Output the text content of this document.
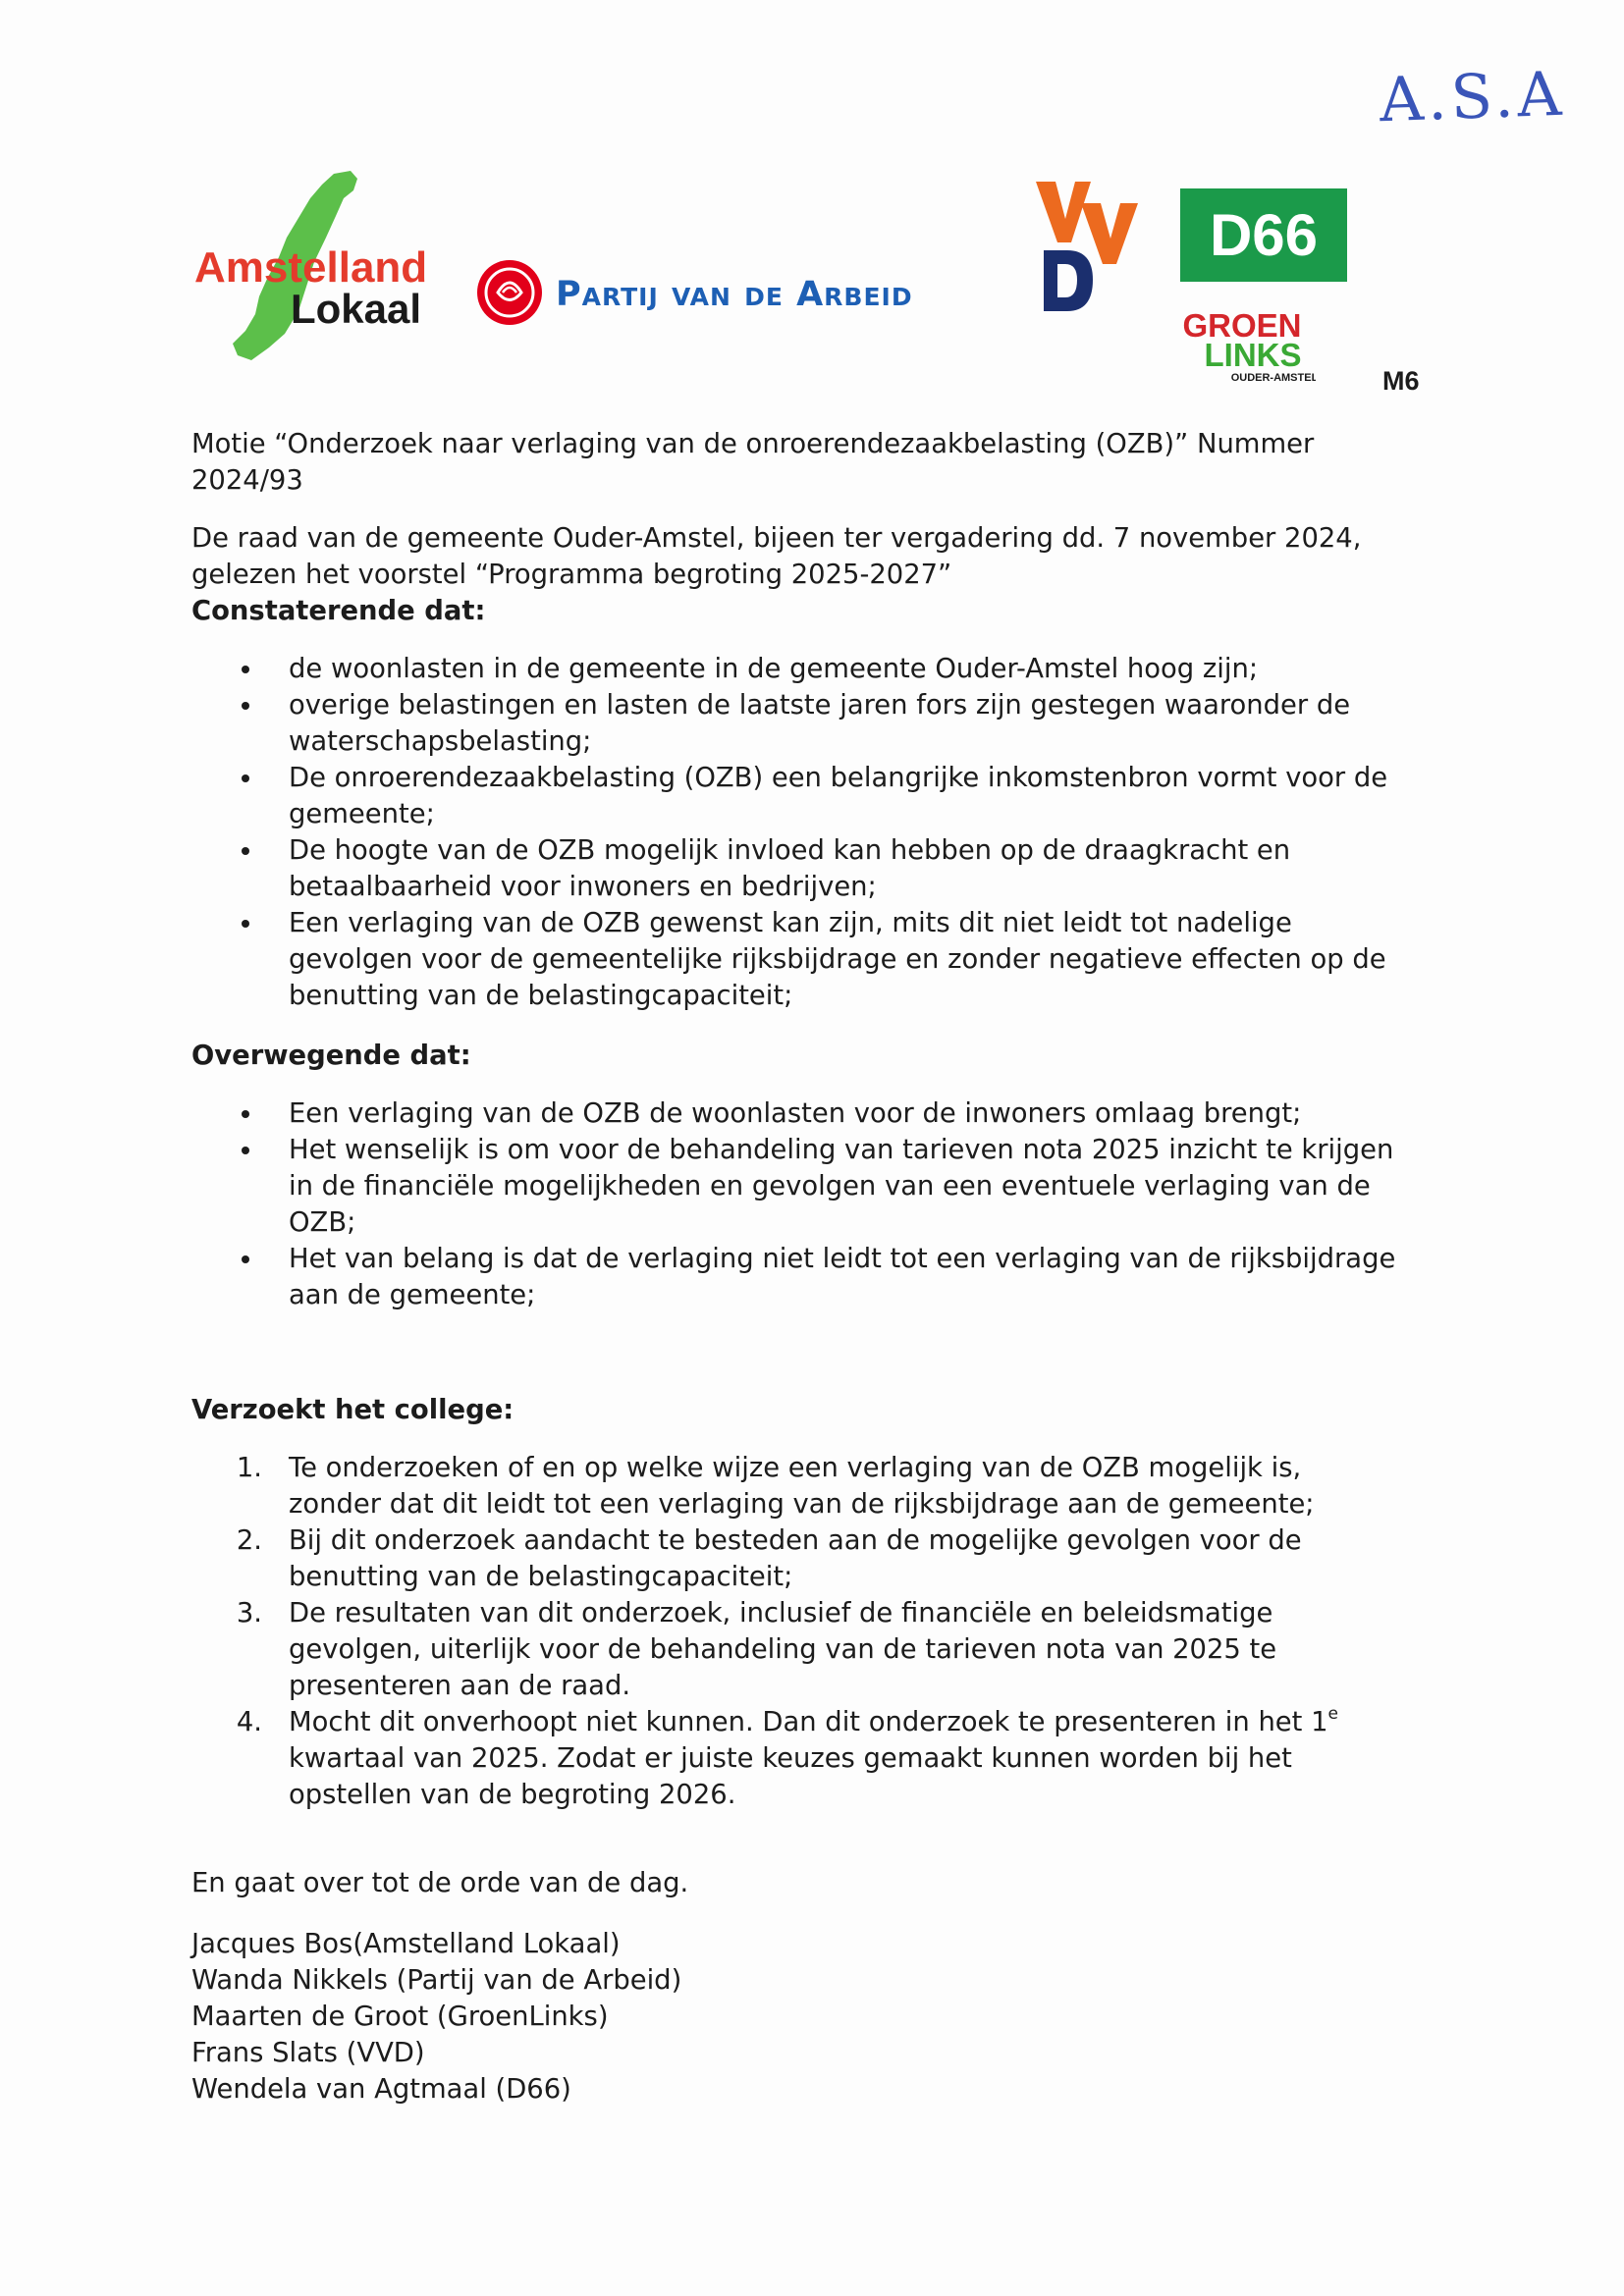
A.S.A
Amstelland
Lokaal	Partij van de Arbeid
D66
GROEN
LINKS
OUDER-AMSTEL M6
Motie “Onderzoek naar verlaging van de onroerendezaakbelasting (OZB)” Nummer
2024/93
De raad van de gemeente Ouder-Amstel, bijeen ter vergadering dd. 7 november 2024,
gelezen het voorstel “Programma begroting 2025-2027”
Constaterende dat:
de woonlasten in de gemeente in de gemeente Ouder-Amstel hoog zijn;
overige belastingen en lasten de laatste jaren fors zijn gestegen waaronder de
waterschapsbelasting;
De onroerendezaakbelasting (OZB) een belangrijke inkomstenbron vormt voor de
gemeente;
De hoogte van de OZB mogelijk invloed kan hebben op de draagkracht en
betaalbaarheid voor inwoners en bedrijven;
Een verlaging van de OZB gewenst kan zijn, mits dit niet leidt tot nadelige
gevolgen voor de gemeentelijke rijksbijdrage en zonder negatieve effecten op de
benutting van de belastingcapaciteit;
Overwegende dat:
Een verlaging van de OZB de woonlasten voor de inwoners omlaag brengt;
Het wenselijk is om voor de behandeling van tarieven nota 2025 inzicht te krijgen
in de financiële mogelijkheden en gevolgen van een eventuele verlaging van de
OZB;
Het van belang is dat de verlaging niet leidt tot een verlaging van de rijksbijdrage
aan de gemeente;
Verzoekt het college:
1. Te onderzoeken of en op welke wijze een verlaging van de OZB mogelijk is,
zonder dat dit leidt tot een verlaging van de rijksbijdrage aan de gemeente;
2. Bij dit onderzoek aandacht te besteden aan de mogelijke gevolgen voor de
benutting van de belastingcapaciteit;
3. De resultaten van dit onderzoek, inclusief de financiële en beleidsmatige
gevolgen, uiterlijk voor de behandeling van de tarieven nota van 2025 te
presenteren aan de raad.
4. Mocht dit onverhoopt niet kunnen. Dan dit onderzoek te presenteren in het 1e
kwartaal van 2025. Zodat er juiste keuzes gemaakt kunnen worden bij het
opstellen van de begroting 2026.
En gaat over tot de orde van de dag.
Jacques Bos(Amstelland Lokaal)
Wanda Nikkels (Partij van de Arbeid)
Maarten de Groot (GroenLinks)
Frans Slats (VVD)
Wendela van Agtmaal (D66)
